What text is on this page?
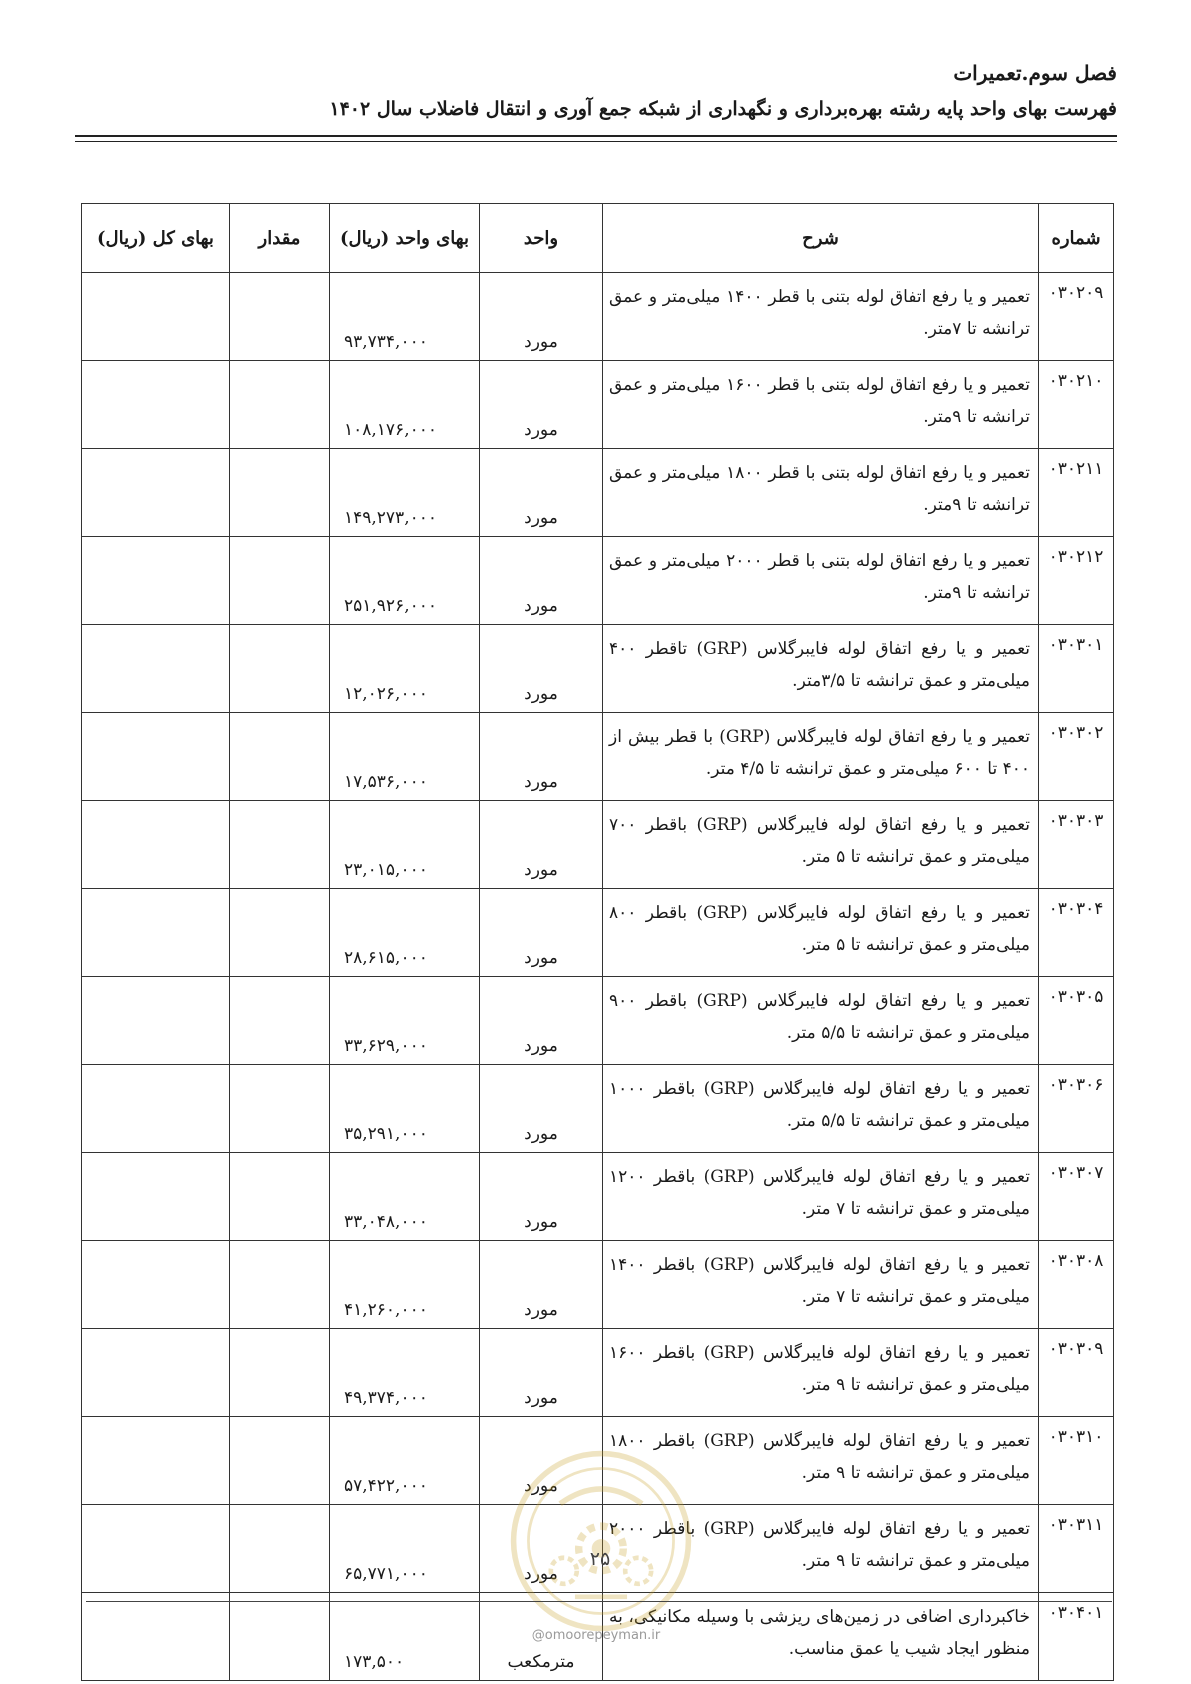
فصل سوم.تعمیرات
فهرست بهای واحد پایه رشته بهره‌برداری و نگهداری از شبکه جمع آوری و انتقال فاضلاب سال ۱۴۰۲
شماره	شرح	واحد	بهای واحد (ریال)	مقدار	بهای کل (ریال)
۰۳۰۲۰۹	تعمیر و یا رفع اتفاق لوله بتنی با قطر ۱۴۰۰ میلی‌متر و عمق ترانشه تا ۷متر.	مورد	۹۳,۷۳۴,۰۰۰		
۰۳۰۲۱۰	تعمیر و یا رفع اتفاق لوله بتنی با قطر ۱۶۰۰ میلی‌متر و عمق ترانشه تا ۹متر.	مورد	۱۰۸,۱۷۶,۰۰۰		
۰۳۰۲۱۱	تعمیر و یا رفع اتفاق لوله بتنی با قطر ۱۸۰۰ میلی‌متر و عمق ترانشه تا ۹متر.	مورد	۱۴۹,۲۷۳,۰۰۰		
۰۳۰۲۱۲	تعمیر و یا رفع اتفاق لوله بتنی با قطر ۲۰۰۰ میلی‌متر و عمق ترانشه تا ۹متر.	مورد	۲۵۱,۹۲۶,۰۰۰		
۰۳۰۳۰۱	تعمیر و یا رفع اتفاق لوله فایبرگلاس (GRP) تاقطر ۴۰۰ میلی‌متر و عمق ترانشه تا ۳/۵متر.	مورد	۱۲,۰۲۶,۰۰۰		
۰۳۰۳۰۲	تعمیر و یا رفع اتفاق لوله فایبرگلاس (GRP) با قطر بیش از ۴۰۰ تا ۶۰۰ میلی‌متر و عمق ترانشه تا ۴/۵ متر.	مورد	۱۷,۵۳۶,۰۰۰		
۰۳۰۳۰۳	تعمیر و یا رفع اتفاق لوله فایبرگلاس (GRP) باقطر ۷۰۰ میلی‌متر و عمق ترانشه تا ۵ متر.	مورد	۲۳,۰۱۵,۰۰۰		
۰۳۰۳۰۴	تعمیر و یا رفع اتفاق لوله فایبرگلاس (GRP) باقطر ۸۰۰ میلی‌متر و عمق ترانشه تا ۵ متر.	مورد	۲۸,۶۱۵,۰۰۰		
۰۳۰۳۰۵	تعمیر و یا رفع اتفاق لوله فایبرگلاس (GRP) باقطر ۹۰۰ میلی‌متر و عمق ترانشه تا ۵/۵ متر.	مورد	۳۳,۶۲۹,۰۰۰		
۰۳۰۳۰۶	تعمیر و یا رفع اتفاق لوله فایبرگلاس (GRP) باقطر ۱۰۰۰ میلی‌متر و عمق ترانشه تا ۵/۵ متر.	مورد	۳۵,۲۹۱,۰۰۰		
۰۳۰۳۰۷	تعمیر و یا رفع اتفاق لوله فایبرگلاس (GRP) باقطر ۱۲۰۰ میلی‌متر و عمق ترانشه تا ۷ متر.	مورد	۳۳,۰۴۸,۰۰۰		
۰۳۰۳۰۸	تعمیر و یا رفع اتفاق لوله فایبرگلاس (GRP) باقطر ۱۴۰۰ میلی‌متر و عمق ترانشه تا ۷ متر.	مورد	۴۱,۲۶۰,۰۰۰		
۰۳۰۳۰۹	تعمیر و یا رفع اتفاق لوله فایبرگلاس (GRP) باقطر ۱۶۰۰ میلی‌متر و عمق ترانشه تا ۹ متر.	مورد	۴۹,۳۷۴,۰۰۰		
۰۳۰۳۱۰	تعمیر و یا رفع اتفاق لوله فایبرگلاس (GRP) باقطر ۱۸۰۰ میلی‌متر و عمق ترانشه تا ۹ متر.	مورد	۵۷,۴۲۲,۰۰۰		
۰۳۰۳۱۱	تعمیر و یا رفع اتفاق لوله فایبرگلاس (GRP) باقطر ۲۰۰۰ میلی‌متر و عمق ترانشه تا ۹ متر.	مورد	۶۵,۷۷۱,۰۰۰		
۰۳۰۴۰۱	خاکبرداری اضافی در زمین‌های ریزشی با وسیله مکانیکی، به منظور ایجاد شیب یا عمق مناسب.	مترمکعب	۱۷۳,۵۰۰		
۲۵
@omoorepeyman.ir
